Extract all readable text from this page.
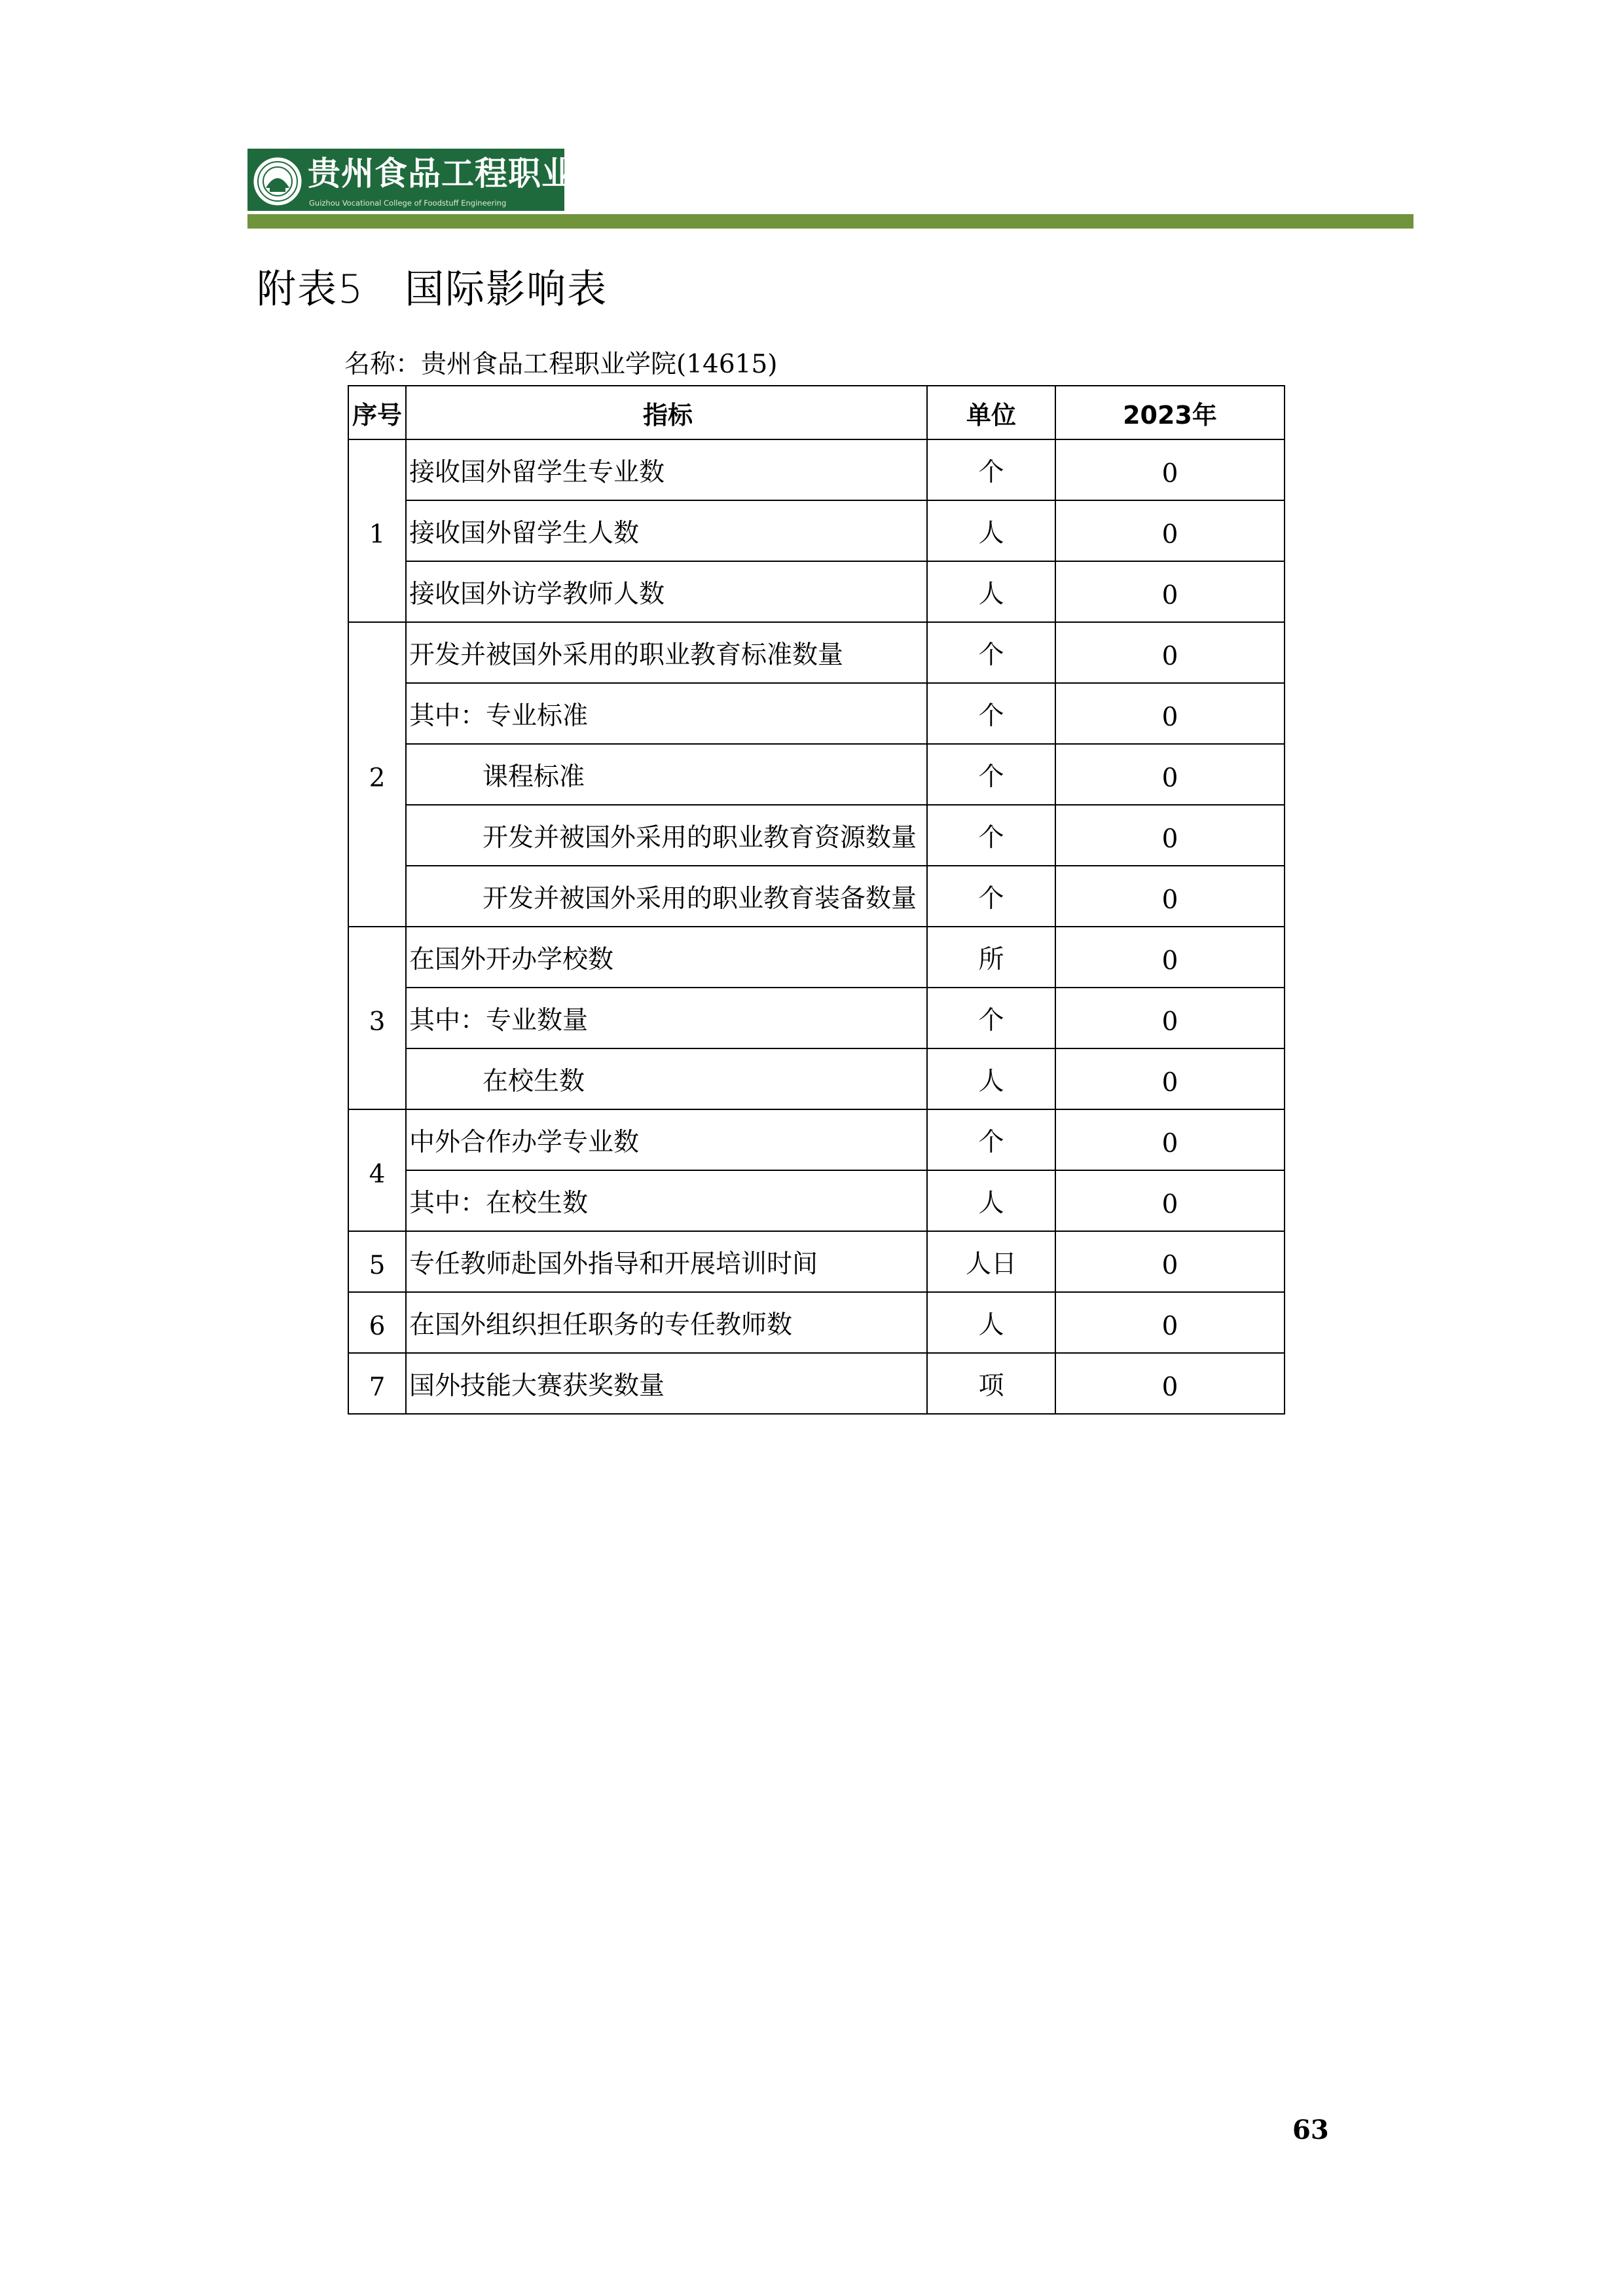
贵州食品工程职业学院
Guizhou Vocational College of Foodstuff Engineering
附表5　国际影响表
名称：贵州食品工程职业学院(14615)
序号	指标	单位	2023年
1	接收国外留学生专业数	个	0
	接收国外留学生人数	人	0
	接收国外访学教师人数	人	0
2	开发并被国外采用的职业教育标准数量	个	0
	其中：专业标准	个	0
	课程标准	个	0
	开发并被国外采用的职业教育资源数量	个	0
	开发并被国外采用的职业教育装备数量	个	0
3	在国外开办学校数	所	0
	其中：专业数量	个	0
	在校生数	人	0
4	中外合作办学专业数	个	0
	其中：在校生数	人	0
5	专任教师赴国外指导和开展培训时间	人日	0
6	在国外组织担任职务的专任教师数	人	0
7	国外技能大赛获奖数量	项	0
63
